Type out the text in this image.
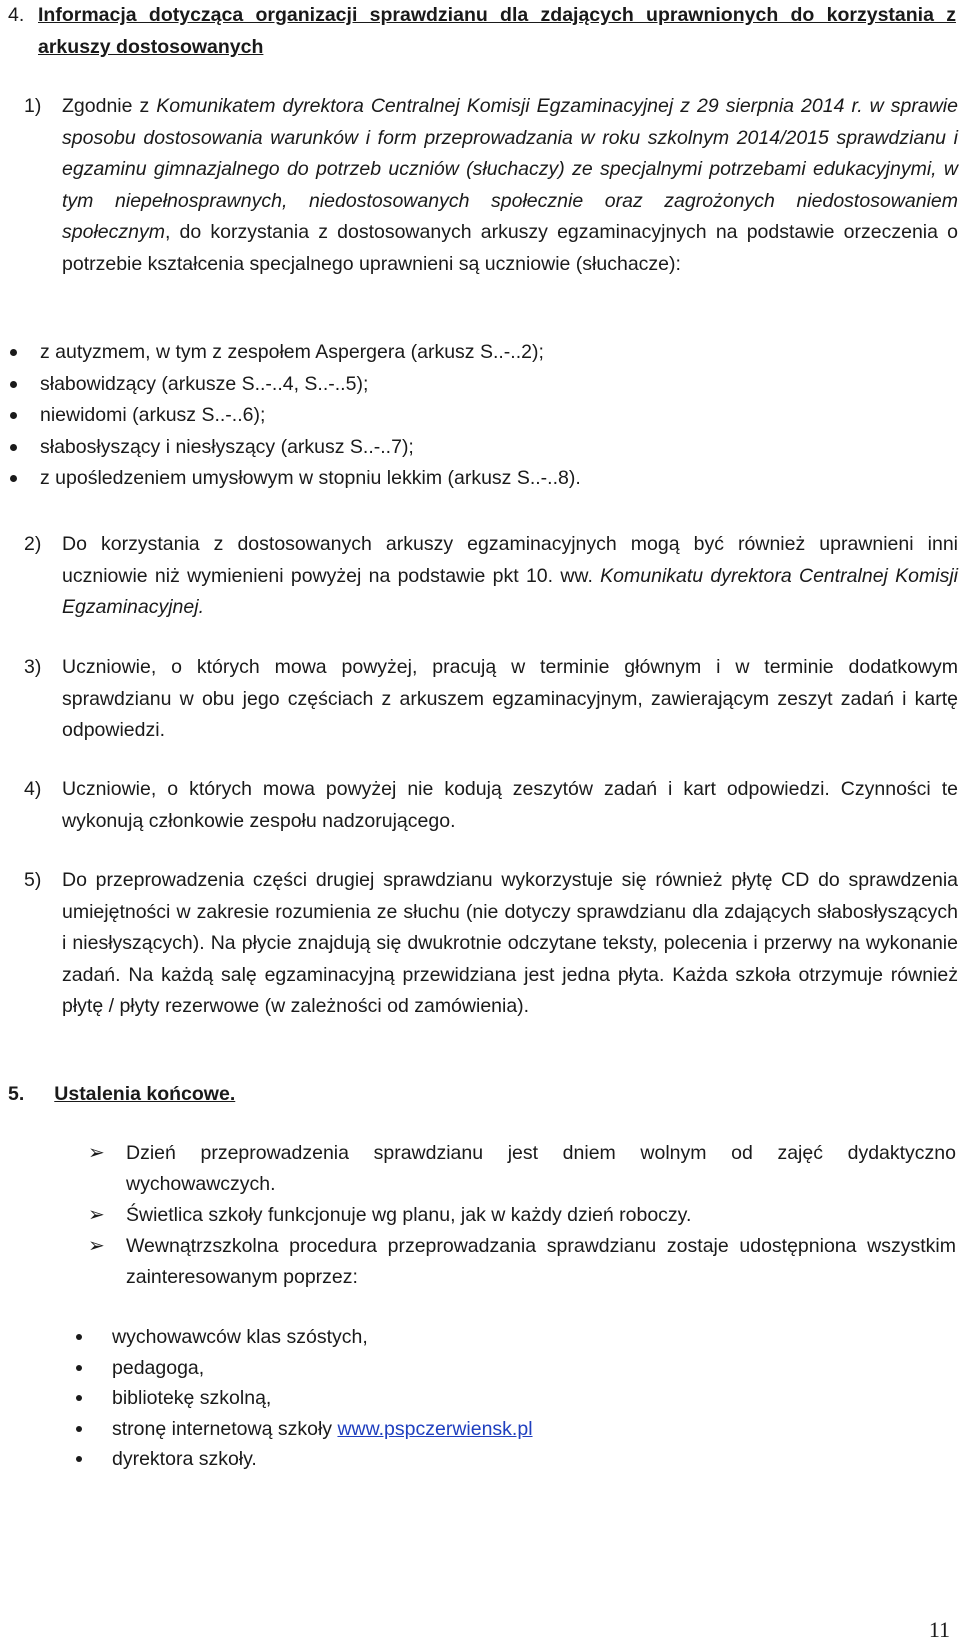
4. Informacja dotycząca organizacji sprawdzianu dla zdających uprawnionych do korzystania z arkuszy dostosowanych
1) Zgodnie z Komunikatem dyrektora Centralnej Komisji Egzaminacyjnej z 29 sierpnia 2014 r. w sprawie sposobu dostosowania warunków i form przeprowadzania w roku szkolnym 2014/2015 sprawdzianu i egzaminu gimnazjalnego do potrzeb uczniów (słuchaczy) ze specjalnymi potrzebami edukacyjnymi, w tym niepełnosprawnych, niedostosowanych społecznie oraz zagrożonych niedostosowaniem społecznym, do korzystania z dostosowanych arkuszy egzaminacyjnych na podstawie orzeczenia o potrzebie kształcenia specjalnego uprawnieni są uczniowie (słuchacze):

z autyzmem, w tym z zespołem Aspergera (arkusz S..-..2);
słabowidzący (arkusze S..-..4, S..-..5);
niewidomi (arkusz S..-..6);
słabosłyszący i niesłyszący (arkusz S..-..7);
z upośledzeniem umysłowym w stopniu lekkim (arkusz S..-..8).
2) Do korzystania z dostosowanych arkuszy egzaminacyjnych mogą być również uprawnieni inni uczniowie niż wymienieni powyżej na podstawie pkt 10. ww. Komunikatu dyrektora Centralnej Komisji Egzaminacyjnej.

3) Uczniowie, o których mowa powyżej, pracują w terminie głównym i w terminie dodatkowym sprawdzianu w obu jego częściach z arkuszem egzaminacyjnym, zawierającym zeszyt zadań i kartę odpowiedzi.

4) Uczniowie, o których mowa powyżej nie kodują zeszytów zadań i kart odpowiedzi. Czynności te wykonują członkowie zespołu nadzorującego.

5) Do przeprowadzenia części drugiej sprawdzianu wykorzystuje się również płytę CD do sprawdzenia umiejętności w zakresie rozumienia ze słuchu (nie dotyczy sprawdzianu dla zdających słabosłyszących i niesłyszących). Na płycie znajdują się dwukrotnie odczytane teksty, polecenia i przerwy na wykonanie zadań. Na każdą salę egzaminacyjną przewidziana jest jedna płyta. Każda szkoła otrzymuje również płytę / płyty rezerwowe (w zależności od zamówienia).

5. Ustalenia końcowe.
➢ Dzień przeprowadzenia sprawdzianu jest dniem wolnym od zajęć dydaktyczno wychowawczych.

➢ Świetlica szkoły funkcjonuje wg planu, jak w każdy dzień roboczy.

➢ Wewnątrzszkolna procedura przeprowadzania sprawdzianu zostaje udostępniona wszystkim zainteresowanym poprzez:

wychowawców klas szóstych,
pedagoga,
bibliotekę szkolną,
stronę internetową szkoły www.pspczerwiensk.pl
dyrektora szkoły.
11
